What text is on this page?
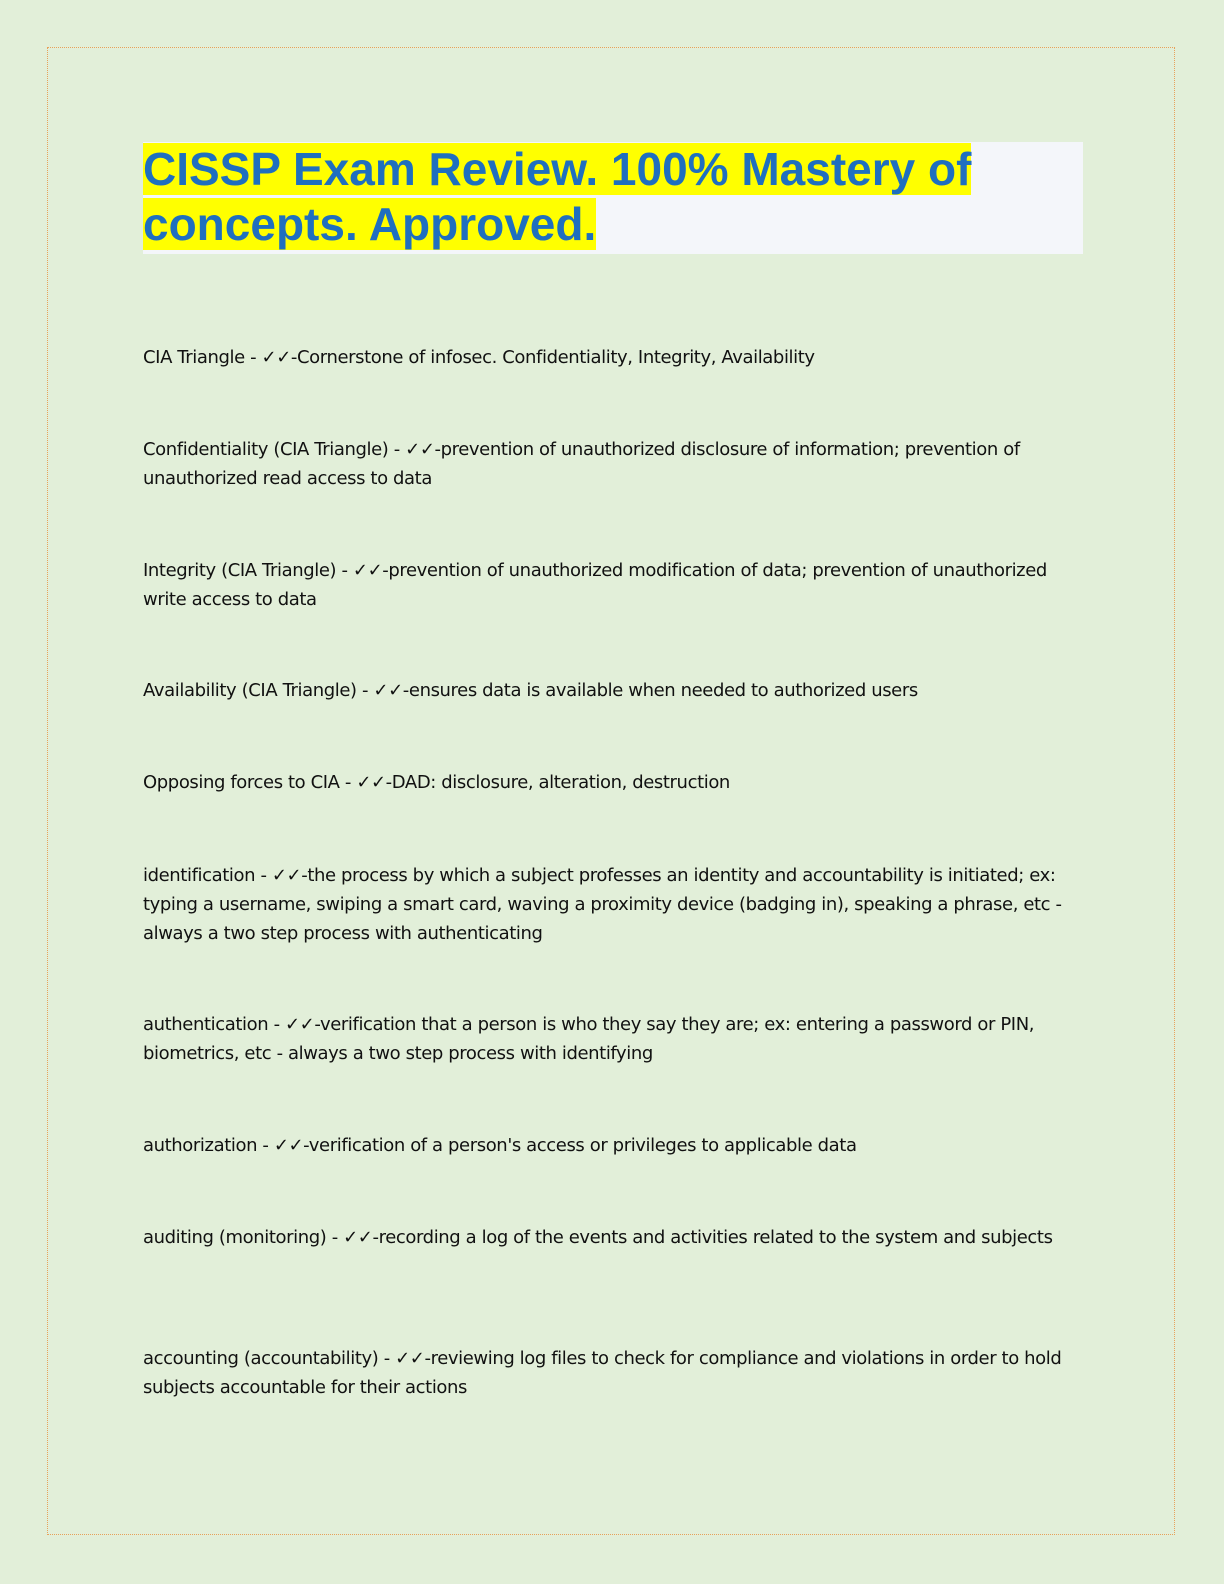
CISSP Exam Review. 100% Mastery of concepts. Approved.

CIA Triangle - ✓✓-Cornerstone of infosec. Confidentiality, Integrity, Availability

Confidentiality (CIA Triangle) - ✓✓-prevention of unauthorized disclosure of information; prevention of unauthorized read access to data

Integrity (CIA Triangle) - ✓✓-prevention of unauthorized modification of data; prevention of unauthorized write access to data

Availability (CIA Triangle) - ✓✓-ensures data is available when needed to authorized users

Opposing forces to CIA - ✓✓-DAD: disclosure, alteration, destruction

identification - ✓✓-the process by which a subject professes an identity and accountability is initiated; ex: typing a username, swiping a smart card, waving a proximity device (badging in), speaking a phrase, etc - always a two step process with authenticating

authentication - ✓✓-verification that a person is who they say they are; ex: entering a password or PIN, biometrics, etc - always a two step process with identifying

authorization - ✓✓-verification of a person's access or privileges to applicable data

auditing (monitoring) - ✓✓-recording a log of the events and activities related to the system and subjects

accounting (accountability) - ✓✓-reviewing log files to check for compliance and violations in order to hold subjects accountable for their actions
